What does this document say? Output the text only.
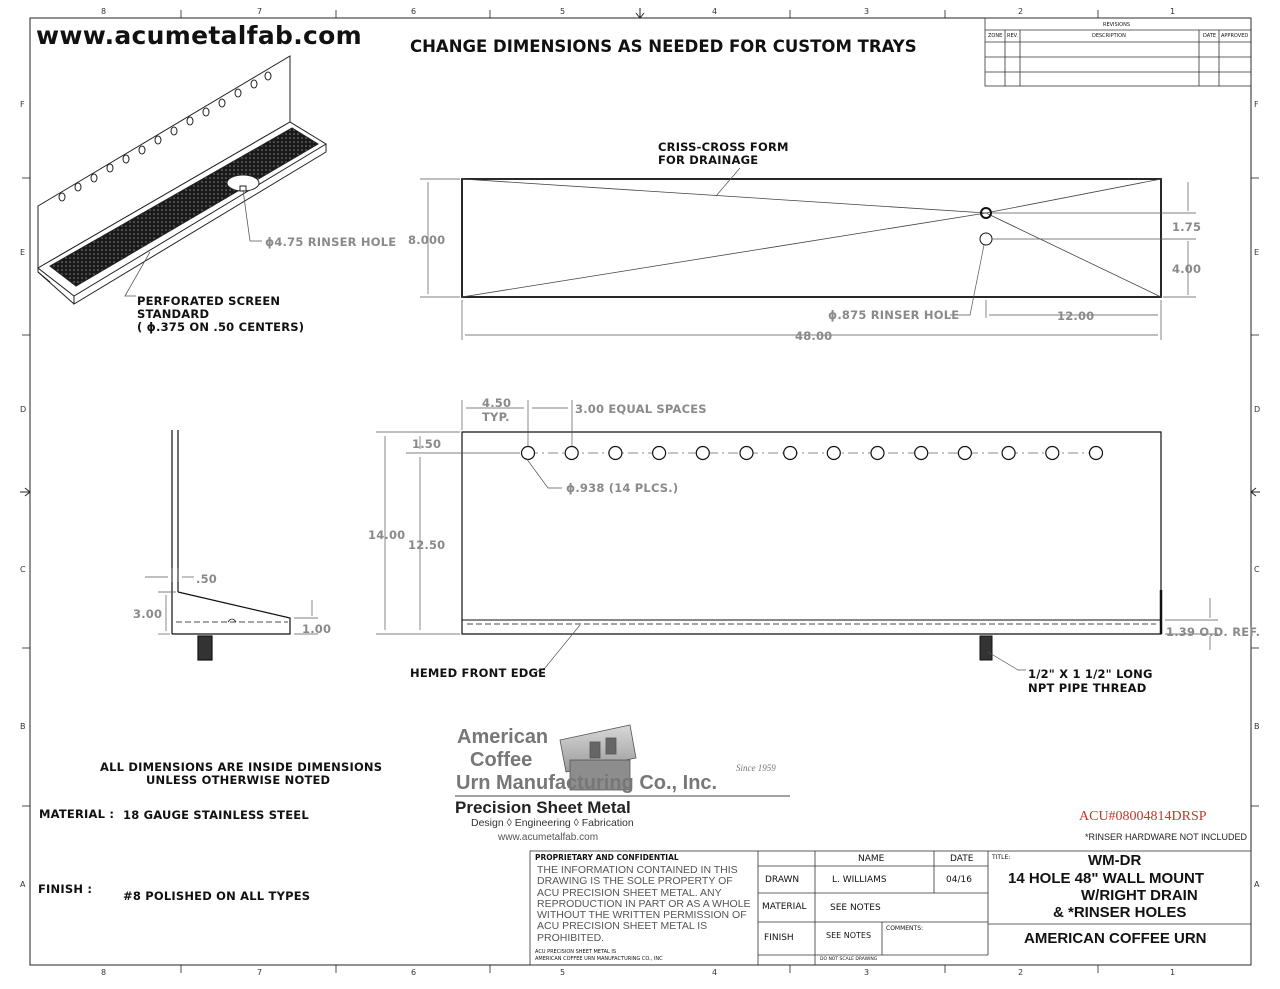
8	7	6	5	4	3	2	1
8	7	6	5	4	3	2	1
F
E
D
C
B
A
F
E
D
C
B
A
www.acumetalfab.com	CHANGE DIMENSIONS AS NEEDED FOR CUSTOM TRAYS
REVISIONS
ZONE REV.	DESCRIPTION	DATE APPROVED
ϕ4.75 RINSER HOLE
PERFORATED SCREEN
STANDARD
( ϕ.375 ON .50 CENTERS)
CRISS-CROSS FORM
FOR DRAINAGE
8.000
1.75
4.00
ϕ.875 RINSER HOLE	12.00
48.00
4.50
TYP.
3.00 EQUAL SPACES
1.50
14.00
12.50
ϕ.938 (14 PLCS.)
1.39 O.D. REF.
HEMED FRONT EDGE	1/2" X 1 1/2" LONG
NPT PIPE THREAD
.50
3.00
1.00
ALL DIMENSIONS ARE INSIDE DIMENSIONS
UNLESS OTHERWISE NOTED
MATERIAL : 18 GAUGE STAINLESS STEEL
FINISH :	#8 POLISHED ON ALL TYPES
American
Coffee
Urn Manufacturing Co., Inc.
Since 1959
Precision Sheet Metal
Design ◊ Engineering ◊ Fabrication
www.acumetalfab.com
ACU#08004814DRSP
*RINSER HARDWARE NOT INCLUDED
PROPRIETARY AND CONFIDENTIAL
THE INFORMATION CONTAINED IN THIS
DRAWING IS THE SOLE PROPERTY OF
ACU PRECISION SHEET METAL. ANY
REPRODUCTION IN PART OR AS A WHOLE
WITHOUT THE WRITTEN PERMISSION OF
ACU PRECISION SHEET METAL IS
PROHIBITED.
ACU PRECISION SHEET METAL IS
AMERICAN COFFEE URN MANUFACTURING CO., INC
NAME	DATE
DRAWN	L. WILLIAMS	04/16
MATERIAL	SEE NOTES
FINISH	SEE NOTES
COMMENTS:
DO NOT SCALE DRAWING
TITLE:	WM-DR
14 HOLE 48" WALL MOUNT
W/RIGHT DRAIN
& *RINSER HOLES
AMERICAN COFFEE URN
